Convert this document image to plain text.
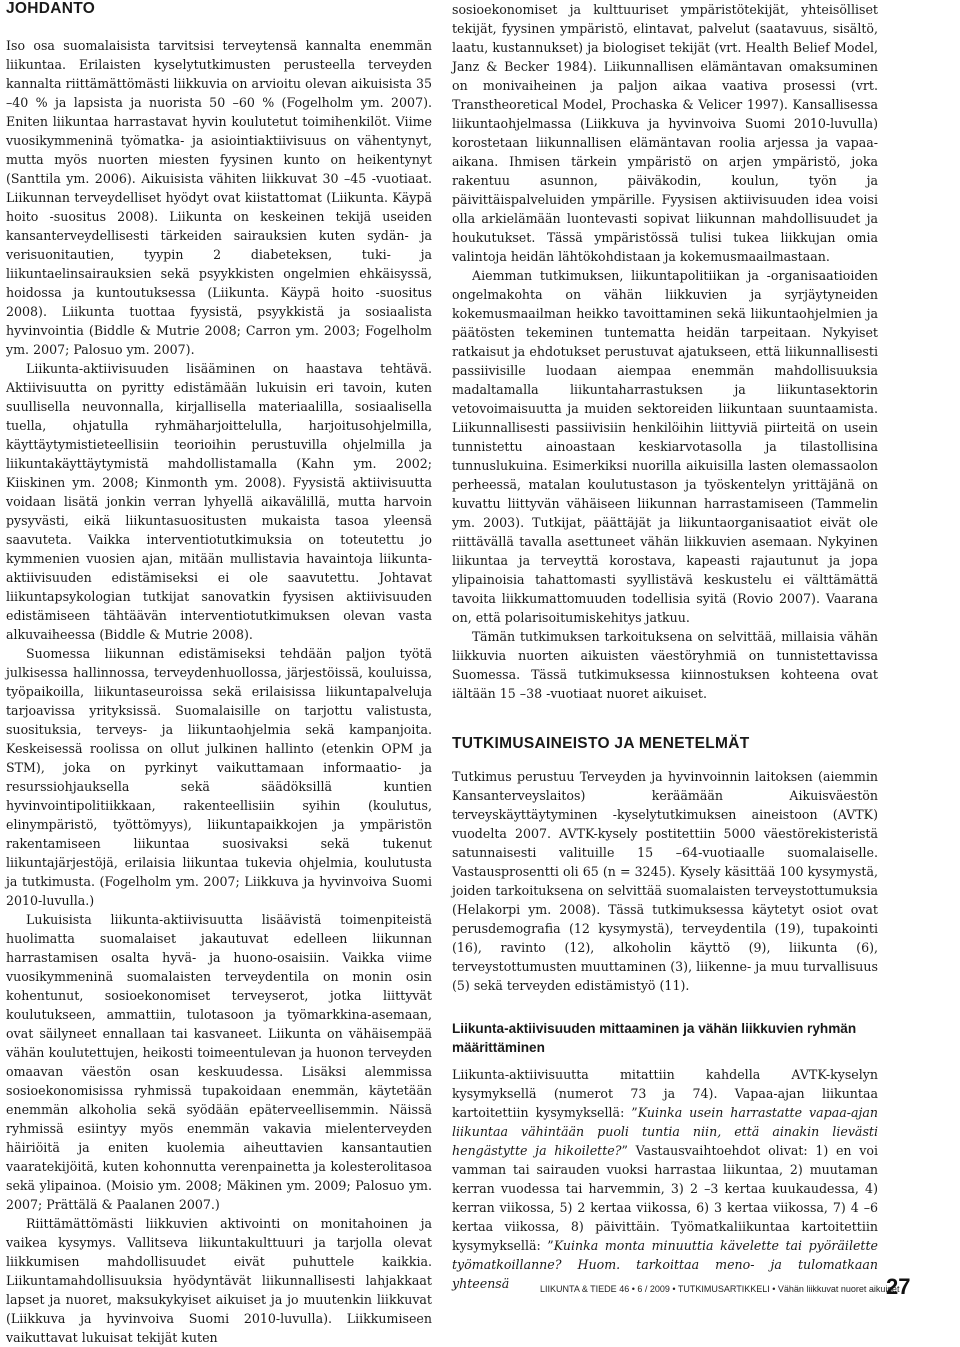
JOHDANTO

Iso osa suomalaisista tarvitsisi terveytensä kannalta enemmän liikuntaa. Erilaisten kyselytutkimusten perusteella terveyden kannalta riittämättömästi liikkuvia on arvioitu olevan aikuisista 35 –40 % ja lapsista ja nuorista 50 –60 % (Fogelholm ym. 2007). Eniten liikuntaa harrastavat hyvin koulutetut toimihenkilöt. Viime vuosikymmeninä työmatka- ja asiointiaktiivisuus on vähentynyt, mutta myös nuorten miesten fyysinen kunto on heikentynyt (Santtila ym. 2006). Aikuisista vähiten liikkuvat 30 –45 -vuotiaat. Liikunnan terveydelliset hyödyt ovat kiistattomat (Liikunta. Käypä hoito -suositus 2008). Liikunta on keskeinen tekijä useiden kansanterveydellisesti tärkeiden sairauksien kuten sydän- ja verisuonitautien, tyypin 2 diabeteksen, tuki- ja liikuntaelinsairauksien sekä psyykkisten ongelmien ehkäisyssä, hoidossa ja kuntoutuksessa (Liikunta. Käypä hoito -suositus 2008). Liikunta tuottaa fyysistä, psyykkistä ja sosiaalista hyvinvointia (Biddle & Mutrie 2008; Carron ym. 2003; Fogelholm ym. 2007; Palosuo ym. 2007).

Liikunta-aktiivisuuden lisääminen on haastava tehtävä. Aktiivisuutta on pyritty edistämään lukuisin eri tavoin, kuten suullisella neuvonnalla, kirjallisella materiaalilla, sosiaalisella tuella, ohjatulla ryhmäharjoittelulla, harjoitusohjelmilla, käyttäytymistieteellisiin teorioihin perustuvilla ohjelmilla ja liikuntakäyttäytymistä mahdollistamalla (Kahn ym. 2002; Kiiskinen ym. 2008; Kinmonth ym. 2008). Fyysistä aktiivisuutta voidaan lisätä jonkin verran lyhyellä aikavälillä, mutta harvoin pysyvästi, eikä liikuntasuositusten mukaista tasoa yleensä saavuteta. Vaikka interventiotutkimuksia on toteutettu jo kymmenien vuosien ajan, mitään mullistavia havaintoja liikunta-aktiivisuuden edistämiseksi ei ole saavutettu. Johtavat liikuntapsykologian tutkijat sanovatkin fyysisen aktiivisuuden edistämiseen tähtäävän interventiotutkimuksen olevan vasta alkuvaiheessa (Biddle & Mutrie 2008).

Suomessa liikunnan edistämiseksi tehdään paljon työtä julkisessa hallinnossa, terveydenhuollossa, järjestöissä, kouluissa, työpaikoilla, liikuntaseuroissa sekä erilaisissa liikuntapalveluja tarjoavissa yrityksissä. Suomalaisille on tarjottu valistusta, suosituksia, terveys- ja liikuntaohjelmia sekä kampanjoita. Keskeisessä roolissa on ollut julkinen hallinto (etenkin OPM ja STM), joka on pyrkinyt vaikuttamaan informaatio- ja resurssiohjauksella sekä säädöksillä kuntien hyvinvointipolitiikkaan, rakenteellisiin syihin (koulutus, elinympäristö, työttömyys), liikuntapaikkojen ja ympäristön rakentamiseen liikuntaa suosivaksi sekä tukenut liikuntajärjestöjä, erilaisia liikuntaa tukevia ohjelmia, koulutusta ja tutkimusta. (Fogelholm ym. 2007; Liikkuva ja hyvinvoiva Suomi 2010-luvulla.)

Lukuisista liikunta-aktiivisuutta lisäävistä toimenpiteistä huolimatta suomalaiset jakautuvat edelleen liikunnan harrastamisen osalta hyvä- ja huono-osaisiin. Vaikka viime vuosikymmeninä suomalaisten terveydentila on monin osin kohentunut, sosioekonomiset terveyserot, jotka liittyvät koulutukseen, ammattiin, tulotasoon ja työmarkkina-asemaan, ovat säilyneet ennallaan tai kasvaneet. Liikunta on vähäisempää vähän koulutettujen, heikosti toimeentulevan ja huonon terveyden omaavan väestön osan keskuudessa. Lisäksi alemmissa sosioekonomisissa ryhmissä tupakoidaan enemmän, käytetään enemmän alkoholia sekä syödään epäterveellisemmin. Näissä ryhmissä esiintyy myös enemmän vakavia mielenterveyden häiriöitä ja eniten kuolemia aiheuttavien kansantautien vaaratekijöitä, kuten kohonnutta verenpainetta ja kolesterolitasoa sekä ylipainoa. (Moisio ym. 2008; Mäkinen ym. 2009; Palosuo ym. 2007; Prättälä & Paalanen 2007.)

Riittämättömästi liikkuvien aktivointi on monitahoinen ja vaikea kysymys. Vallitseva liikuntakulttuuri ja tarjolla olevat liikkumisen mahdollisuudet eivät puhuttele kaikkia. Liikuntamahdollisuuksia hyödyntävät liikunnallisesti lahjakkaat lapset ja nuoret, maksukykyiset aikuiset ja jo muutenkin liikkuvat (Liikkuva ja hyvinvoiva Suomi 2010-luvulla). Liikkumiseen vaikuttavat lukuisat tekijät kuten

sosioekonomiset ja kulttuuriset ympäristötekijät, yhteisölliset tekijät, fyysinen ympäristö, elintavat, palvelut (saatavuus, sisältö, laatu, kustannukset) ja biologiset tekijät (vrt. Health Belief Model, Janz & Becker 1984). Liikunnallisen elämäntavan omaksuminen on monivaiheinen ja paljon aikaa vaativa prosessi (vrt. Transtheoretical Model, Prochaska & Velicer 1997). Kansallisessa liikuntaohjelmassa (Liikkuva ja hyvinvoiva Suomi 2010-luvulla) korostetaan liikunnallisen elämäntavan roolia arjessa ja vapaa-aikana. Ihmisen tärkein ympäristö on arjen ympäristö, joka rakentuu asunnon, päiväkodin, koulun, työn ja päivittäispalveluiden ympärille. Fyysisen aktiivisuuden idea voisi olla arkielämään luontevasti sopivat liikunnan mahdollisuudet ja houkutukset. Tässä ympäristössä tulisi tukea liikkujan omia valintoja heidän lähtökohdistaan ja kokemusmaailmastaan.

Aiemman tutkimuksen, liikuntapolitiikan ja -organisaatioiden ongelmakohta on vähän liikkuvien ja syrjäytyneiden kokemusmaailman heikko tavoittaminen sekä liikuntaohjelmien ja päätösten tekeminen tuntematta heidän tarpeitaan. Nykyiset ratkaisut ja ehdotukset perustuvat ajatukseen, että liikunnallisesti passiivisille luodaan aiempaa enemmän mahdollisuuksia madaltamalla liikuntaharrastuksen ja liikuntasektorin vetovoimaisuutta ja muiden sektoreiden liikuntaan suuntaamista. Liikunnallisesti passiivisiin henkilöihin liittyviä piirteitä on usein tunnistettu ainoastaan keskiarvotasolla ja tilastollisina tunnuslukuina. Esimerkiksi nuorilla aikuisilla lasten olemassaolon perheessä, matalan koulutustason ja työskentelyn yrittäjänä on kuvattu liittyvän vähäiseen liikunnan harrastamiseen (Tammelin ym. 2003). Tutkijat, päättäjät ja liikuntaorganisaatiot eivät ole riittävällä tavalla asettuneet vähän liikkuvien asemaan. Nykyinen liikuntaa ja terveyttä korostava, kapeasti rajautunut ja jopa ylipainoisia tahattomasti syyllistävä keskustelu ei välttämättä tavoita liikkumattomuuden todellisia syitä (Rovio 2007). Vaarana on, että polarisoitumiskehitys jatkuu.

Tämän tutkimuksen tarkoituksena on selvittää, millaisia vähän liikkuvia nuorten aikuisten väestöryhmiä on tunnistettavissa Suomessa. Tässä tutkimuksessa kiinnostuksen kohteena ovat iältään 15 –38 -vuotiaat nuoret aikuiset.

TUTKIMUSAINEISTO JA MENETELMÄT

Tutkimus perustuu Terveyden ja hyvinvoinnin laitoksen (aiemmin Kansanterveyslaitos) keräämään Aikuisväestön terveyskäyttäytyminen -kyselytutkimuksen aineistoon (AVTK) vuodelta 2007. AVTK-kysely postitettiin 5000 väestörekisteristä satunnaisesti valituille 15 –64-vuotiaalle suomalaiselle. Vastausprosentti oli 65 (n = 3245). Kysely käsittää 100 kysymystä, joiden tarkoituksena on selvittää suomalaisten terveystottumuksia (Helakorpi ym. 2008). Tässä tutkimuksessa käytetyt osiot ovat perusdemografia (12 kysymystä), terveydentila (19), tupakointi (16), ravinto (12), alkoholin käyttö (9), liikunta (6), terveystottumusten muuttaminen (3), liikenne- ja muu turvallisuus (5) sekä terveyden edistämistyö (11).

Liikunta-aktiivisuuden mittaaminen ja vähän liikkuvien ryhmän määrittäminen

Liikunta-aktiivisuutta mitattiin kahdella AVTK-kyselyn kysymyksellä (numerot 73 ja 74). Vapaa-ajan liikuntaa kartoitettiin kysymyksellä: ”Kuinka usein harrastatte vapaa-ajan liikuntaa vähintään puoli tuntia niin, että ainakin lievästi hengästytte ja hikoilette?” Vastausvaihtoehdot olivat: 1) en voi vamman tai sairauden vuoksi harrastaa liikuntaa, 2) muutaman kerran vuodessa tai harvemmin, 3) 2 –3 kertaa kuukaudessa, 4) kerran viikossa, 5) 2 kertaa viikossa, 6) 3 kertaa viikossa, 7) 4 –6 kertaa viikossa, 8) päivittäin. Työmatkaliikuntaa kartoitettiin kysymyksellä: ”Kuinka monta minuuttia kävelette tai pyöräilette työmatkoillanne? Huom. tarkoittaa meno- ja tulomatkaan yhteensä	LIIKUNTA & TIEDE 46 • 6 / 2009 • TUTKIMUSARTIKKELI • Vähän liikkuvat nuoret aikuiset
27
